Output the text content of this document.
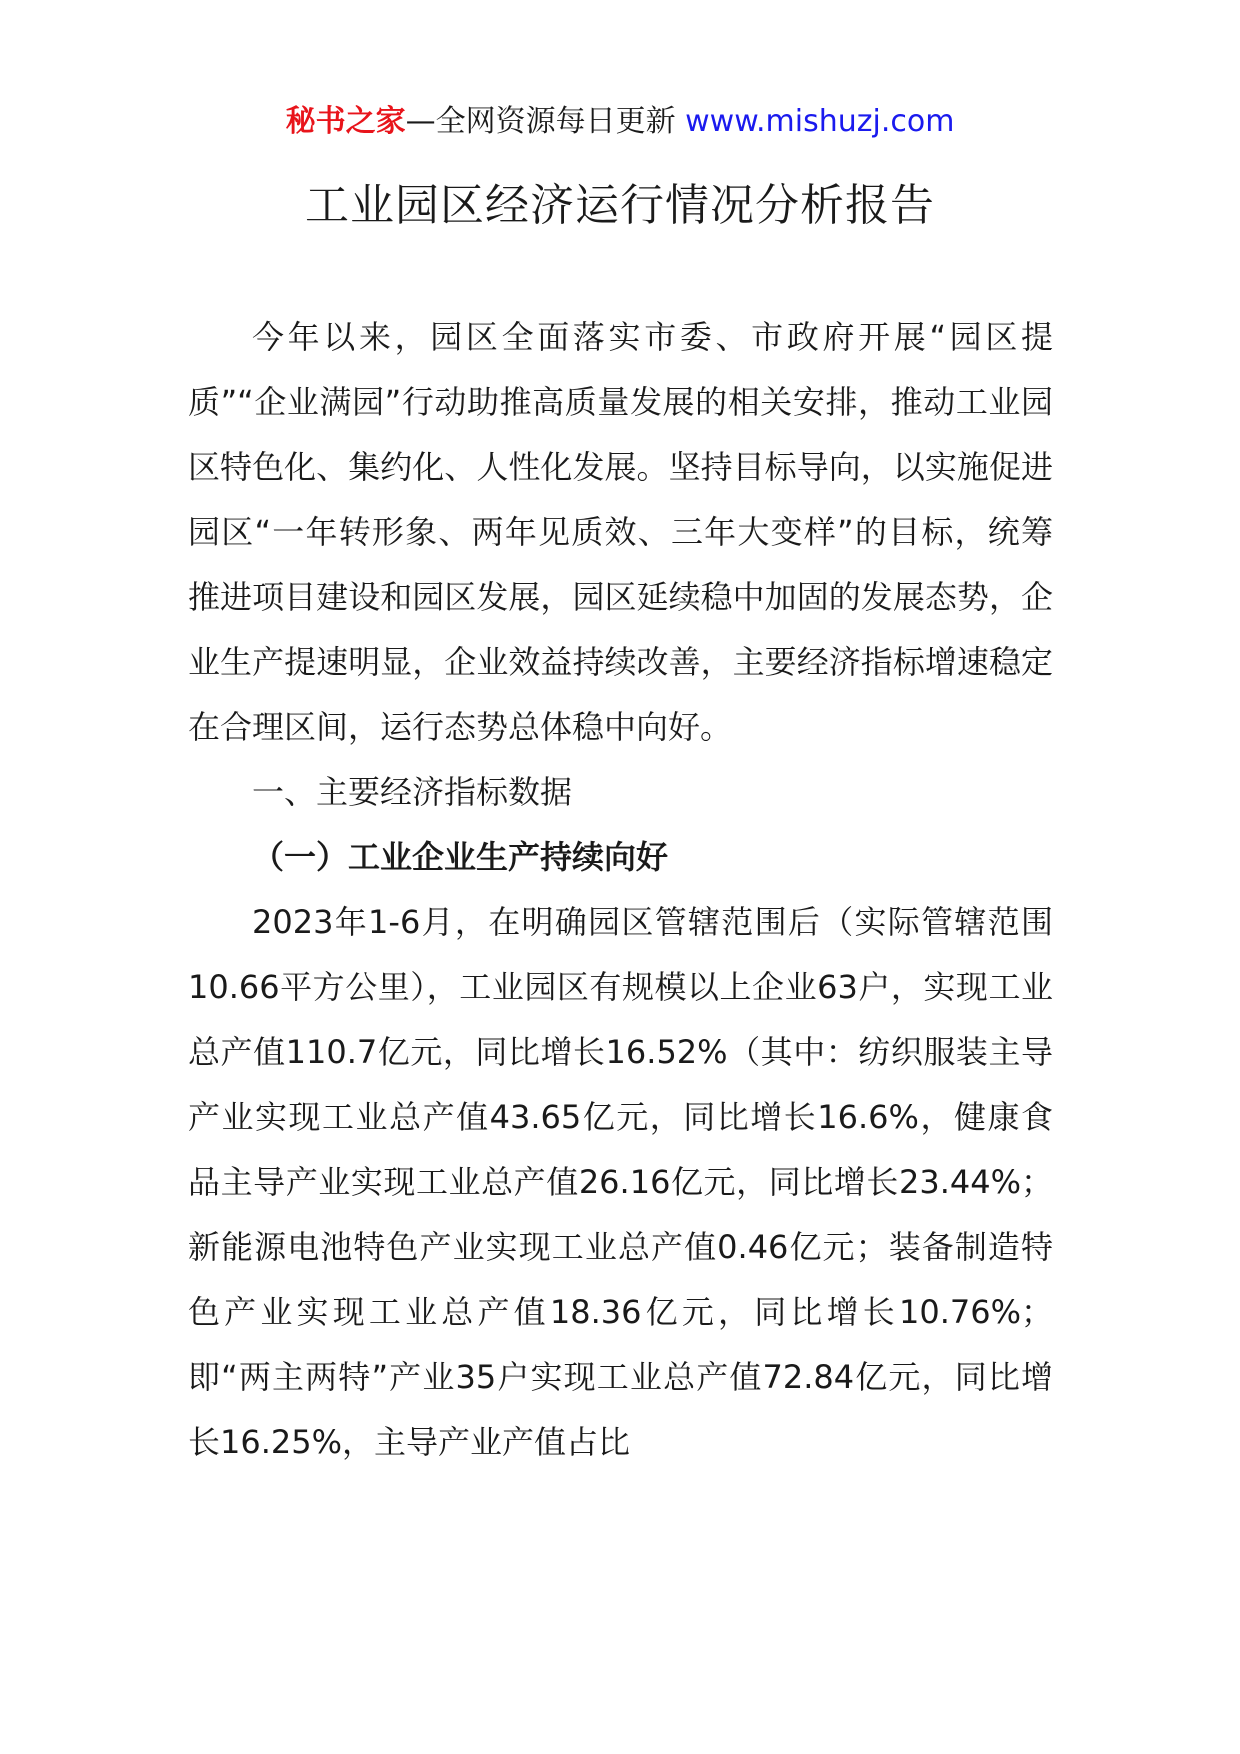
秘书之家—全网资源每日更新 www.mishuzj.com
工业园区经济运行情况分析报告

今年以来，园区全面落实市委、市政府开展“园区提质”“企业满园”行动助推高质量发展的相关安排，推动工业园区特色化、集约化、人性化发展。坚持目标导向，以实施促进园区“一年转形象、两年见质效、三年大变样”的目标，统筹推进项目建设和园区发展，园区延续稳中加固的发展态势，企业生产提速明显，企业效益持续改善，主要经济指标增速稳定在合理区间，运行态势总体稳中向好。

一、主要经济指标数据

（一）工业企业生产持续向好

2023年1-6月，在明确园区管辖范围后（实际管辖范围10.66平方公里），工业园区有规模以上企业63户，实现工业总产值110.7亿元，同比增长16.52%（其中：纺织服装主导产业实现工业总产值43.65亿元，同比增长16.6%，健康食品主导产业实现工业总产值26.16亿元，同比增长23.44%；新能源电池特色产业实现工业总产值0.46亿元；装备制造特色产业实现工业总产值18.36亿元，同比增长10.76%；即“两主两特”产业35户实现工业总产值72.84亿元，同比增长16.25%，主导产业产值占比
